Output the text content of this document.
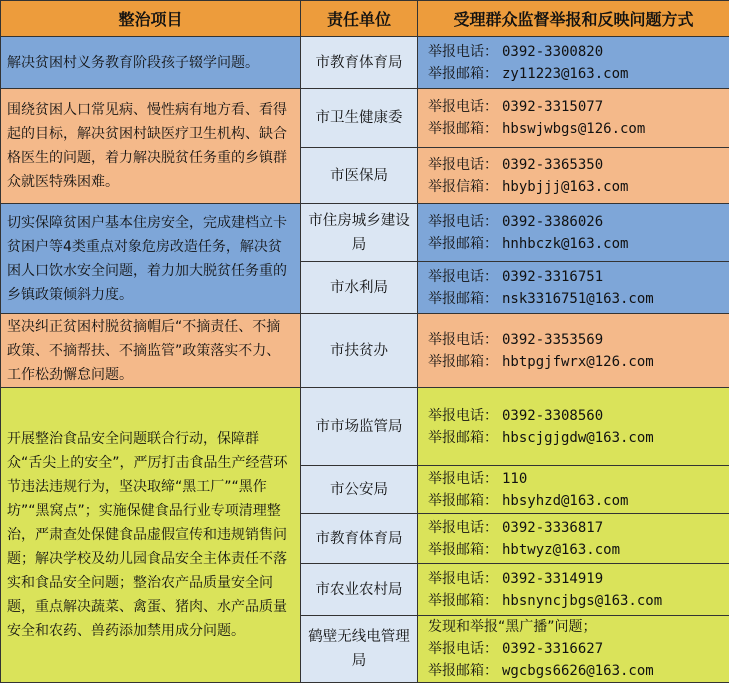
整治项目	责任单位	受理群众监督举报和反映问题方式
解决贫困村义务教育阶段孩子辍学问题。	市教育体育局	举报电话： 0392-3300820
举报邮箱： zy11223@163.com

围绕贫困人口常见病、慢性病有地方看、看得起的目标，解决贫困村缺医疗卫生机构、缺合格医生的问题，着力解决脱贫任务重的乡镇群众就医特殊困难。	市卫生健康委	举报电话： 0392-3315077
举报邮箱： hbswjwbgs@126.com

	市医保局	举报电话： 0392-3365350
举报信箱： hbybjjj@163.com

切实保障贫困户基本住房安全，完成建档立卡贫困户等4类重点对象危房改造任务，解决贫困人口饮水安全问题，着力加大脱贫任务重的乡镇政策倾斜力度。	市住房城乡建设局	举报电话： 0392-3386026
举报邮箱： hnhbczk@163.com

	市水利局	举报电话： 0392-3316751
举报邮箱： nsk3316751@163.com

坚决纠正贫困村脱贫摘帽后“不摘责任、不摘政策、不摘帮扶、不摘监管”政策落实不力、工作松劲懈怠问题。	市扶贫办	举报电话： 0392-3353569
举报邮箱： hbtpgjfwrx@126.com

开展整治食品安全问题联合行动，保障群众“舌尖上的安全”，严厉打击食品生产经营环节违法违规行为，坚决取缔“黑工厂”“黑作坊”“黑窝点”；实施保健食品行业专项清理整治，严肃查处保健食品虚假宣传和违规销售问题；解决学校及幼儿园食品安全主体责任不落实和食品安全问题；整治农产品质量安全问题，重点解决蔬菜、禽蛋、猪肉、水产品质量安全和农药、兽药添加禁用成分问题。	市市场监管局	举报电话： 0392-3308560
举报邮箱： hbscjgjgdw@163.com

	市公安局	举报电话： 110
举报邮箱： hbsyhzd@163.com

	市教育体育局	举报电话： 0392-3336817
举报邮箱： hbtwyz@163.com

	市农业农村局	举报电话： 0392-3314919
举报邮箱： hbsnyncjbgs@163.com

	鹤壁无线电管理局	发现和举报“黑广播”问题；
举报电话： 0392-3316627
举报邮箱： wgcbgs6626@163.com
